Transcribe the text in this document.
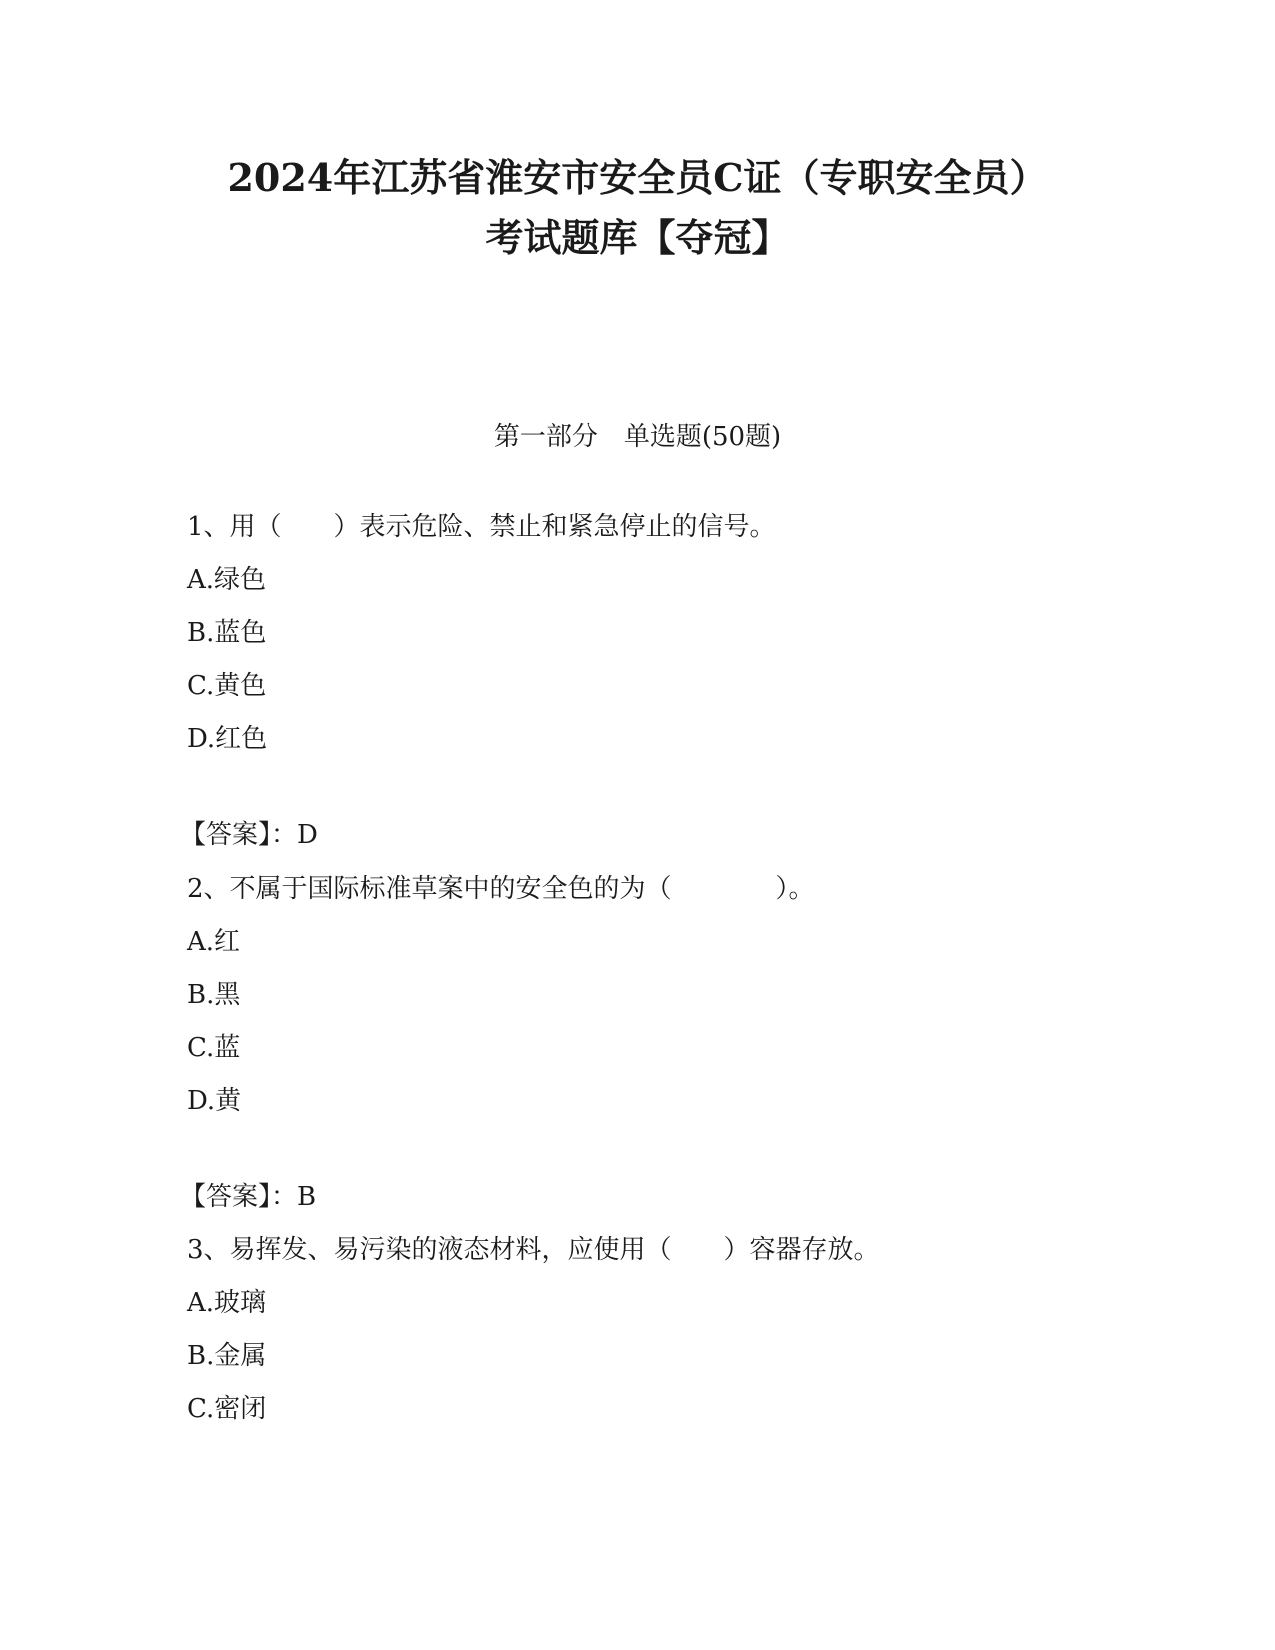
2024年江苏省淮安市安全员C证（专职安全员）
考试题库【夺冠】
第一部分　单选题(50题)
1、用（　　）表示危险、禁止和紧急停止的信号。
A.绿色
B.蓝色
C.黄色
D.红色
【答案】：D
2、不属于国际标准草案中的安全色的为（　　　　）。
A.红
B.黑
C.蓝
D.黄
【答案】：B
3、易挥发、易污染的液态材料，应使用（　　）容器存放。
A.玻璃
B.金属
C.密闭
